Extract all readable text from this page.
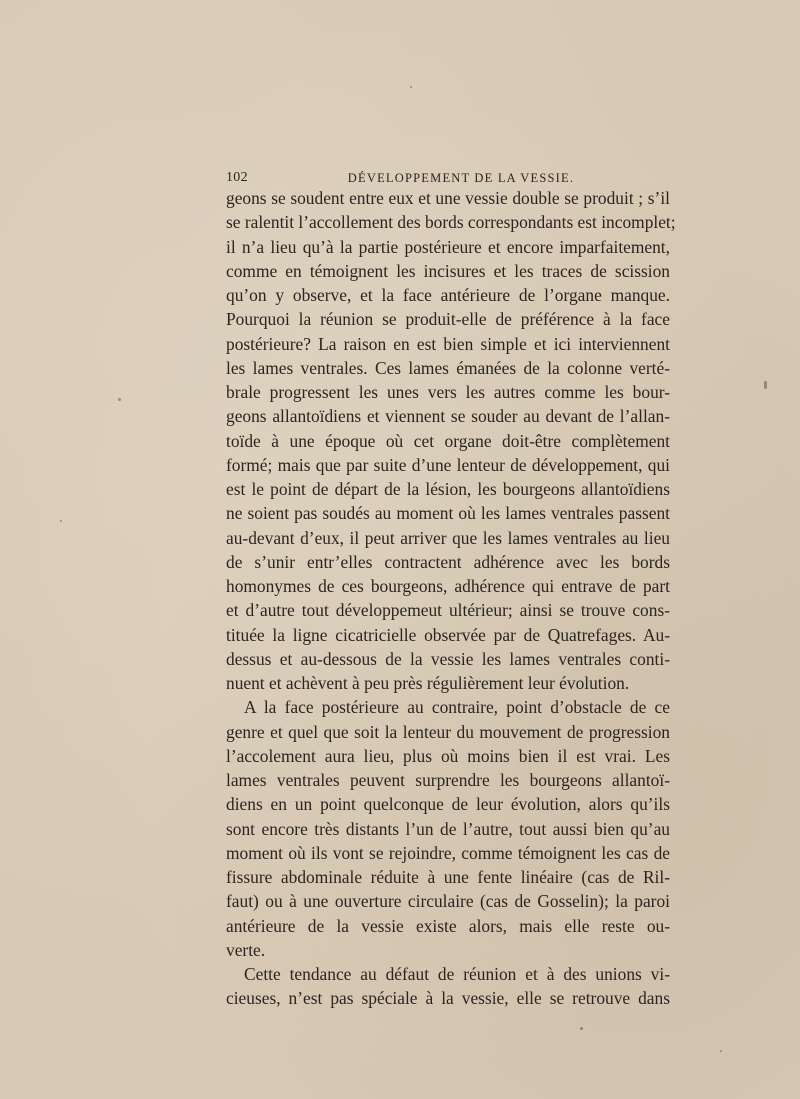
102	DÉVELOPPEMENT DE LA VESSIE.
geons se soudent entre eux et une vessie double se produit ; s’il
se ralentit l’accollement des bords correspondants est incomplet;
il n’a lieu qu’à la partie postérieure et encore imparfaitement,
comme en témoignent les incisures et les traces de scission
qu’on y observe, et la face antérieure de l’organe manque.
Pourquoi la réunion se produit-elle de préférence à la face
postérieure? La raison en est bien simple et ici interviennent
les lames ventrales. Ces lames émanées de la colonne verté-
brale progressent les unes vers les autres comme les bour-
geons allantoïdiens et viennent se souder au devant de l’allan-
toïde à une époque où cet organe doit-être complètement
formé; mais que par suite d’une lenteur de développement, qui
est le point de départ de la lésion, les bourgeons allantoïdiens
ne soient pas soudés au moment où les lames ventrales passent
au-devant d’eux, il peut arriver que les lames ventrales au lieu
de s’unir entr’elles contractent adhérence avec les bords
homonymes de ces bourgeons, adhérence qui entrave de part
et d’autre tout développemeut ultérieur; ainsi se trouve cons-
tituée la ligne cicatricielle observée par de Quatrefages. Au-
dessus et au-dessous de la vessie les lames ventrales conti-
nuent et achèvent à peu près régulièrement leur évolution.
A la face postérieure au contraire, point d’obstacle de ce
genre et quel que soit la lenteur du mouvement de progression
l’accolement aura lieu, plus où moins bien il est vrai. Les
lames ventrales peuvent surprendre les bourgeons allantoï-
diens en un point quelconque de leur évolution, alors qu’ils
sont encore très distants l’un de l’autre, tout aussi bien qu’au
moment où ils vont se rejoindre, comme témoignent les cas de
fissure abdominale réduite à une fente linéaire (cas de Ril-
faut) ou à une ouverture circulaire (cas de Gosselin); la paroi
antérieure de la vessie existe alors, mais elle reste ou-
verte.
Cette tendance au défaut de réunion et à des unions vi-
cieuses, n’est pas spéciale à la vessie, elle se retrouve dans
